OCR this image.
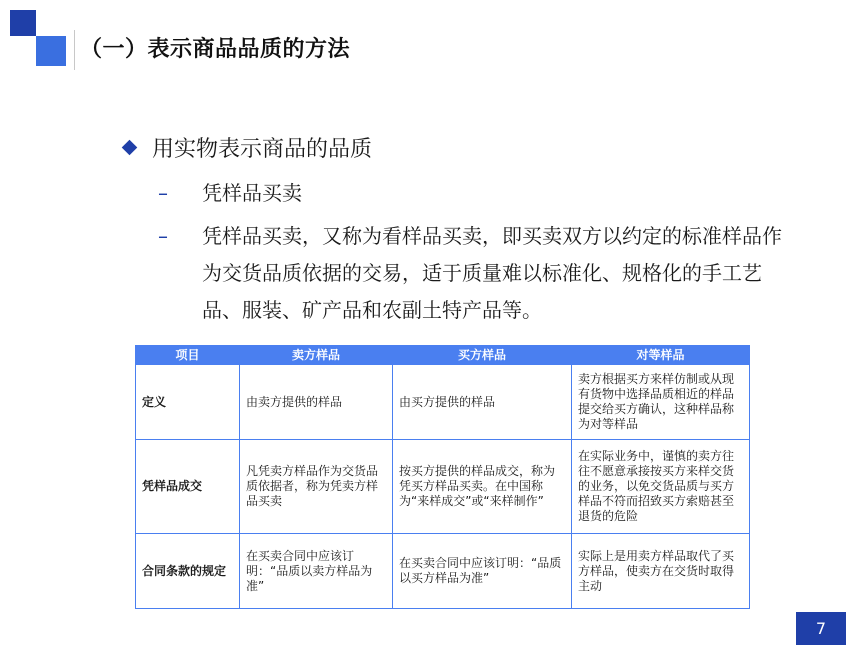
（一）表示商品品质的方法
用实物表示商品的品质
– 凭样品买卖
– 凭样品买卖，又称为看样品买卖，即买卖双方以约定的标准样品作为交货品质依据的交易，适于质量难以标准化、规格化的手工艺品、服装、矿产品和农副土特产品等。
项目	卖方样品	买方样品	对等样品
定义	由卖方提供的样品	由买方提供的样品	卖方根据买方来样仿制或从现有货物中选择品质相近的样品提交给买方确认，这种样品称为对等样品
凭样品成交	凡凭卖方样品作为交货品质依据者，称为凭卖方样品买卖	按买方提供的样品成交，称为凭买方样品买卖。在中国称为“来样成交”或“来样制作”	在实际业务中，谨慎的卖方往往不愿意承接按买方来样交货的业务，以免交货品质与买方样品不符而招致买方索赔甚至退货的危险
合同条款的规定	在买卖合同中应该订明：“品质以卖方样品为准”	在买卖合同中应该订明：“品质以买方样品为准”	实际上是用卖方样品取代了买方样品，使卖方在交货时取得主动
7
